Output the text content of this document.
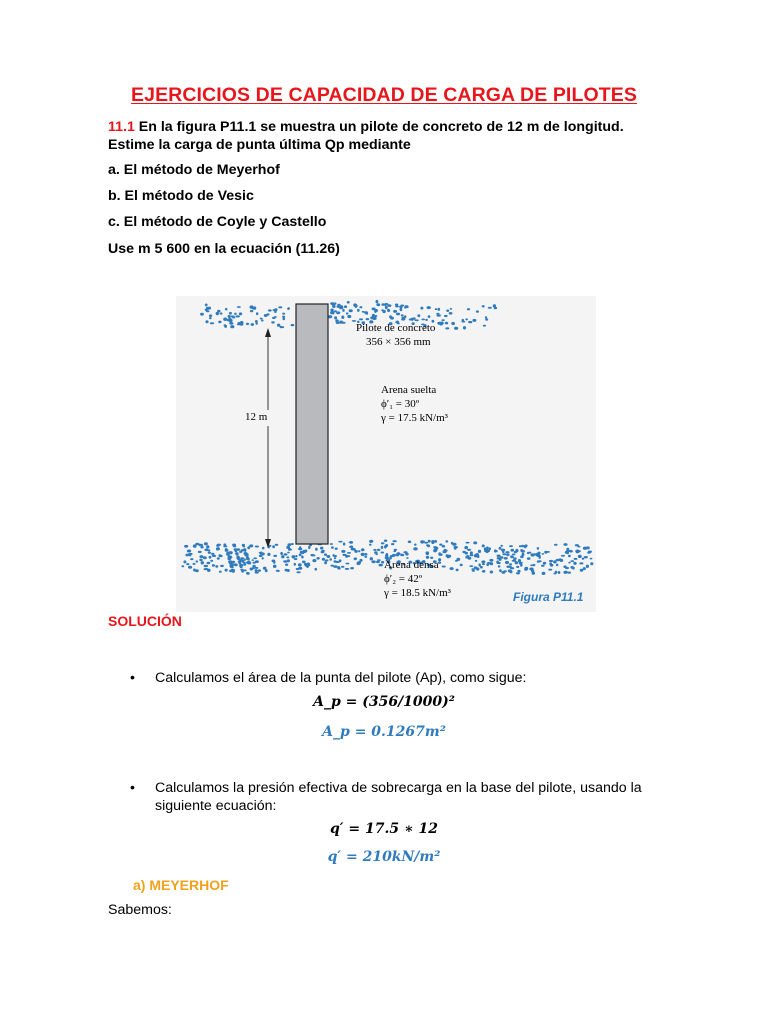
EJERCICIOS DE CAPACIDAD DE CARGA DE PILOTES
11.1 En la figura P11.1 se muestra un pilote de concreto de 12 m de longitud. Estime la carga de punta última Qp mediante
a. El método de Meyerhof
b. El método de Vesic
c. El método de Coyle y Castello
Use m 5 600 en la ecuación (11.26)
12 m
Pilote de concreto
356 × 356 mm
Arena suelta
ϕ′₁ = 30º
γ = 17.5 kN/m³
Arena densa
ϕ′₂ = 42º
γ = 18.5 kN/m³	Figura P11.1
SOLUCIÓN
• Calculamos el área de la punta del pilote (Ap), como sigue:
A_p = (356/1000)²
A_p = 0.1267m²
• Calculamos la presión efectiva de sobrecarga en la base del pilote, usando la siguiente ecuación:
q′ = 17.5 ∗ 12
q′ = 210kN/m²
a) MEYERHOF
Sabemos:
